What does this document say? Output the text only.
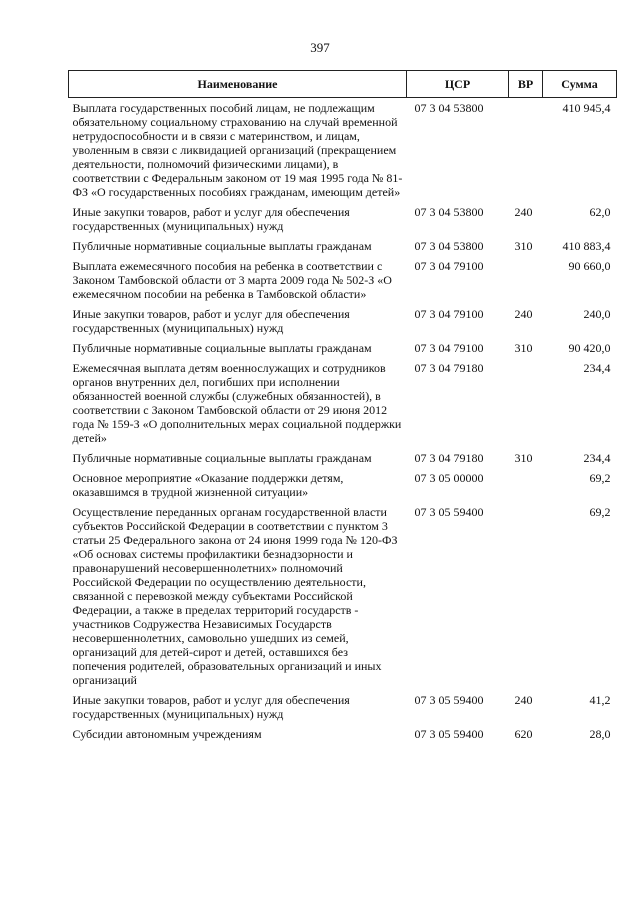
397
Наименование	ЦСР	ВР	Сумма
Выплата государственных пособий лицам, не подлежащим обязательному социальному страхованию на случай временной нетрудоспособности и в связи с материнством, и лицам, уволенным в связи с ликвидацией организаций (прекращением деятельности, полномочий физическими лицами), в соответствии с Федеральным законом от 19 мая 1995 года № 81-ФЗ «О государственных пособиях гражданам, имеющим детей»	07 3 04 53800		410 945,4
Иные закупки товаров, работ и услуг для обеспечения государственных (муниципальных) нужд	07 3 04 53800	240	62,0
Публичные нормативные социальные выплаты гражданам	07 3 04 53800	310	410 883,4
Выплата ежемесячного пособия на ребенка в соответствии с Законом Тамбовской области от 3 марта 2009 года № 502-З «О ежемесячном пособии на ребенка в Тамбовской области»	07 3 04 79100		90 660,0
Иные закупки товаров, работ и услуг для обеспечения государственных (муниципальных) нужд	07 3 04 79100	240	240,0
Публичные нормативные социальные выплаты гражданам	07 3 04 79100	310	90 420,0
Ежемесячная выплата детям военнослужащих и сотрудников органов внутренних дел, погибших при исполнении обязанностей военной службы (служебных обязанностей), в соответствии с Законом Тамбовской области от 29 июня 2012 года № 159-З «О дополнительных мерах социальной поддержки детей»	07 3 04 79180		234,4
Публичные нормативные социальные выплаты гражданам	07 3 04 79180	310	234,4
Основное мероприятие «Оказание поддержки детям, оказавшимся в трудной жизненной ситуации»	07 3 05 00000		69,2
Осуществление переданных органам государственной власти субъектов Российской Федерации в соответствии с пунктом 3 статьи 25 Федерального закона от 24 июня 1999 года № 120-ФЗ «Об основах системы профилактики безнадзорности и правонарушений несовершеннолетних» полномочий Российской Федерации по осуществлению деятельности, связанной с перевозкой между субъектами Российской Федерации, а также в пределах территорий государств - участников Содружества Независимых Государств несовершеннолетних, самовольно ушедших из семей, организаций для детей-сирот и детей, оставшихся без попечения родителей, образовательных организаций и иных организаций	07 3 05 59400		69,2
Иные закупки товаров, работ и услуг для обеспечения государственных (муниципальных) нужд	07 3 05 59400	240	41,2
Субсидии автономным учреждениям	07 3 05 59400	620	28,0
